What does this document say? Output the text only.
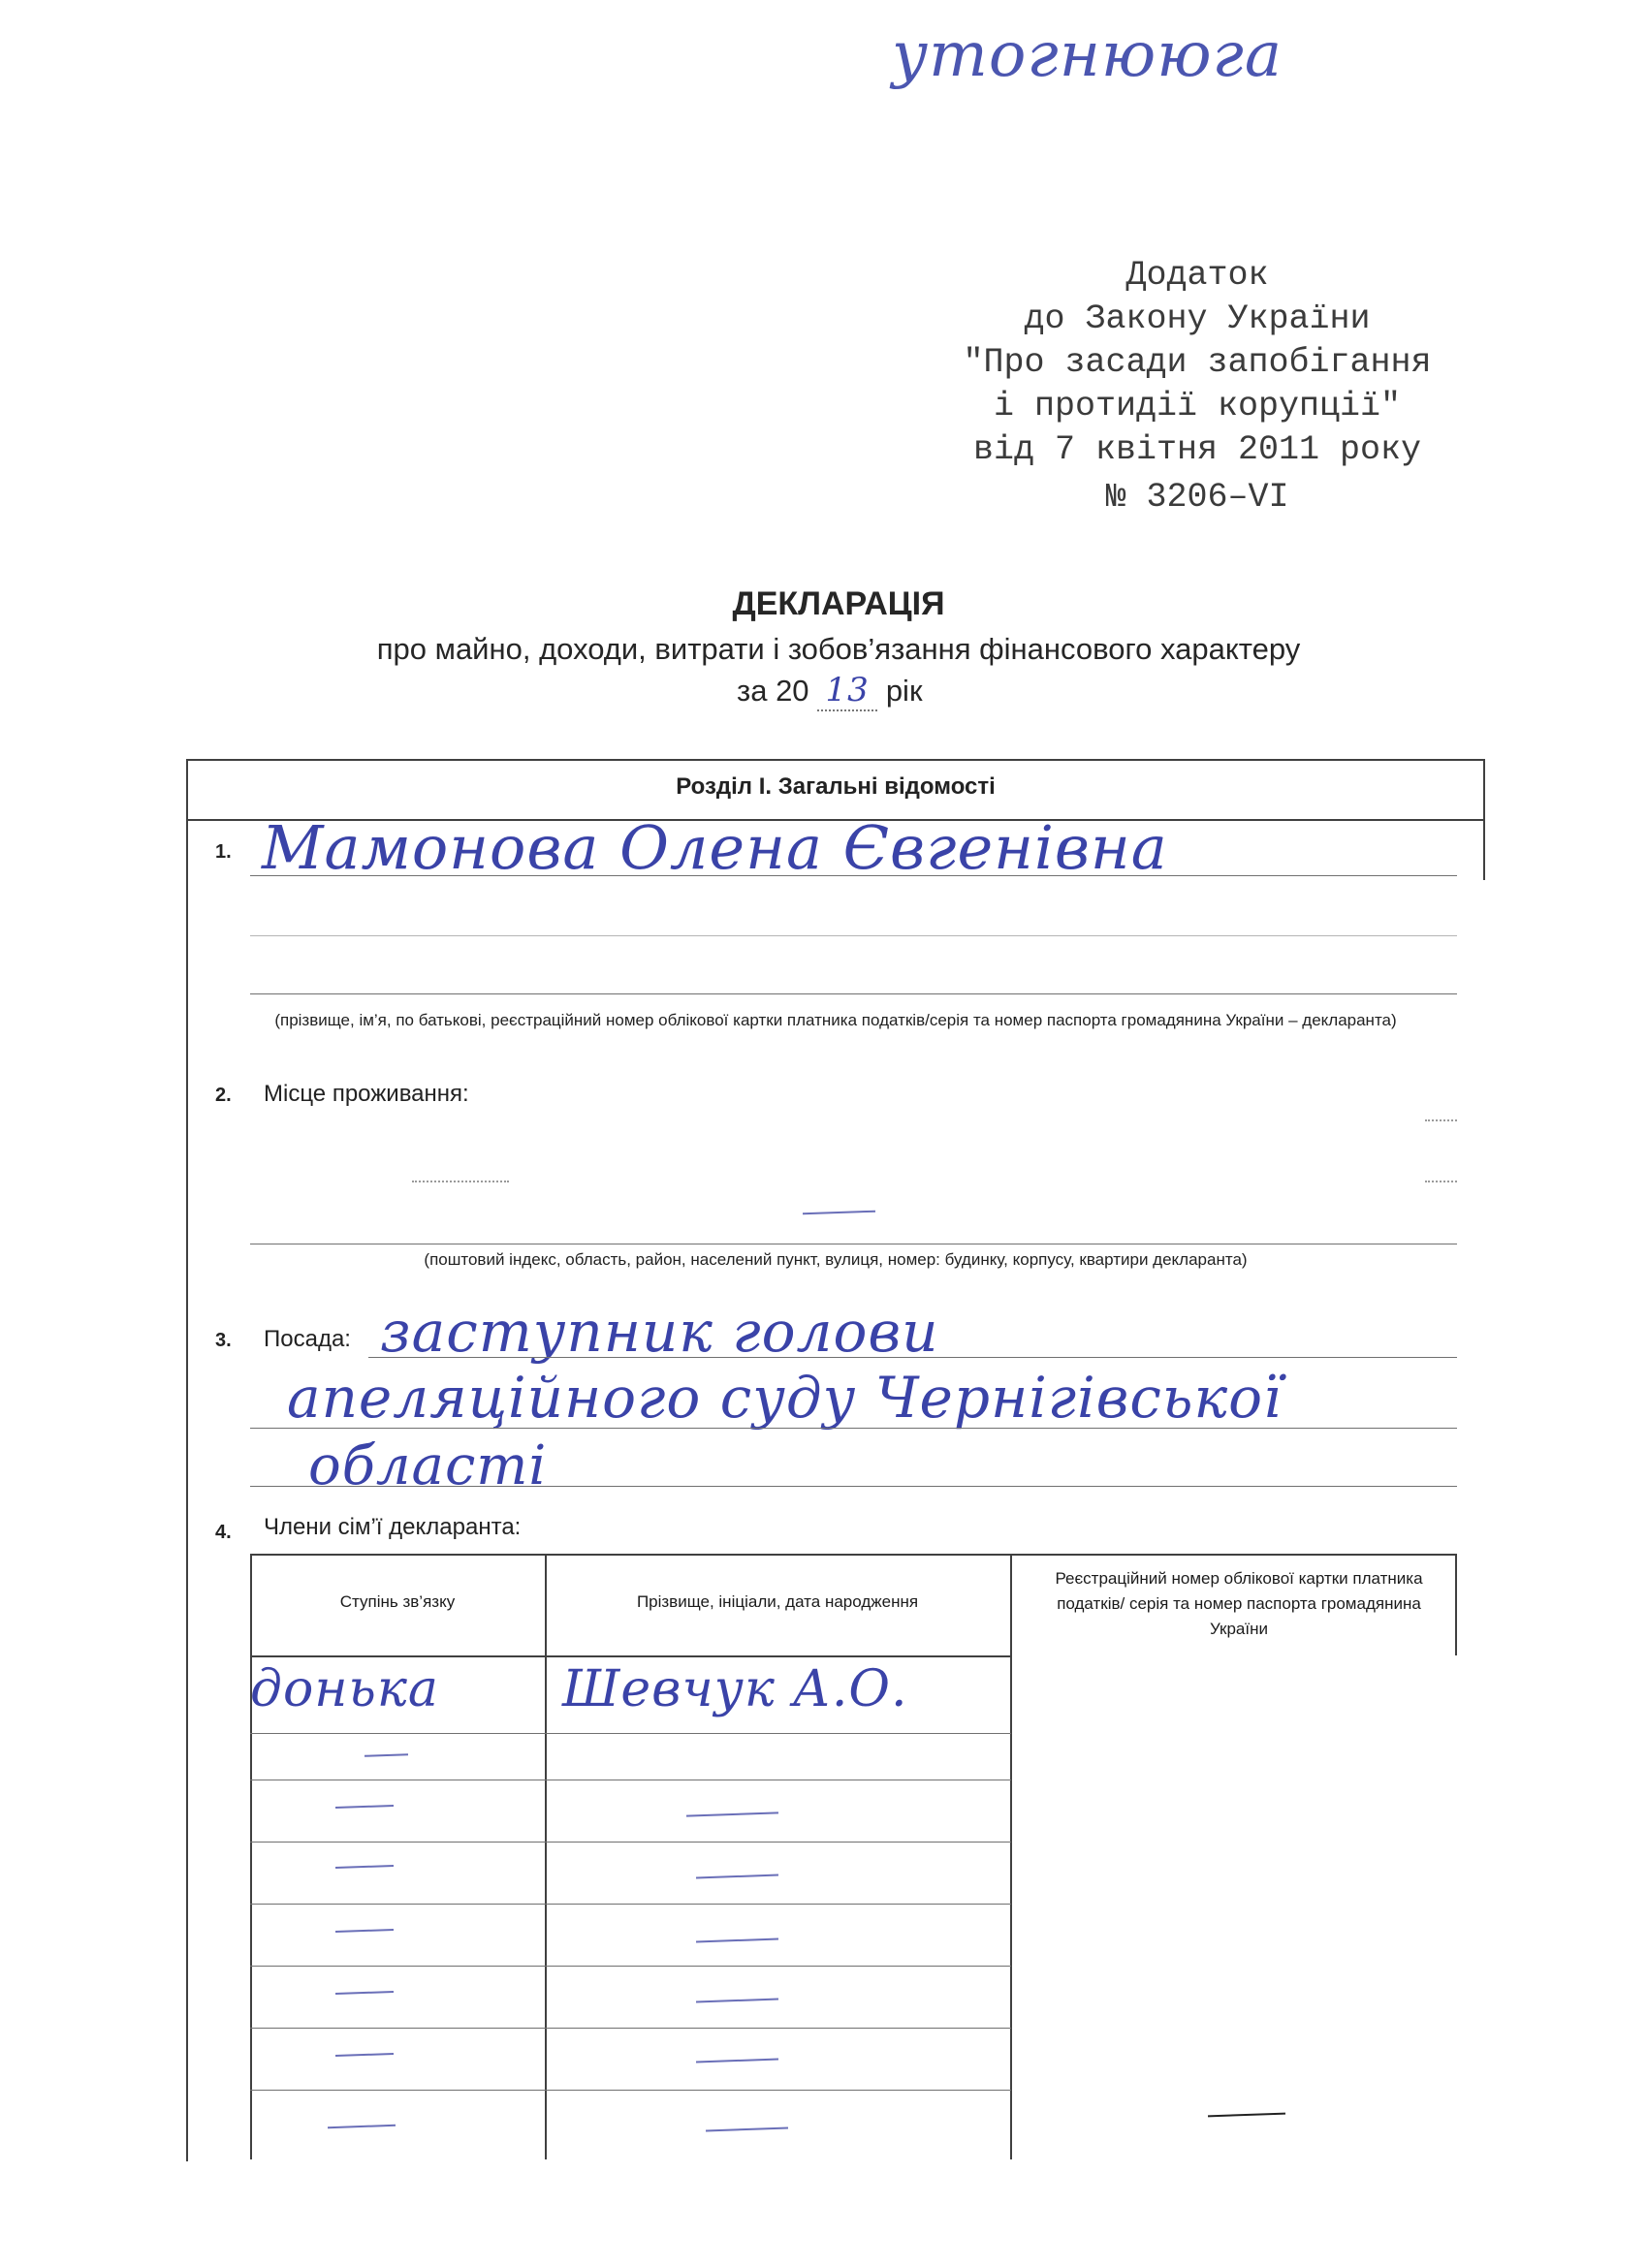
утогнююга
Додаток
до Закону України
"Про засади запобігання
і протидії корупції"
від 7 квітня 2011 року
№ 3206–VI
ДЕКЛАРАЦІЯ
про майно, доходи, витрати і зобов’язання фінансового характеру
за 20 13 рік
Розділ I. Загальні відомості
1. Мамонова Олена Євгенівна
(прізвище, ім’я, по батькові, реєстраційний номер облікової картки платника податків/серія та номер паспорта громадянина України – декларанта)
2. Місце проживання:
(поштовий індекс, область, район, населений пункт, вулиця, номер: будинку, корпусу, квартири декларанта)
3. Посада: заступник голови
апеляційного суду Чернігівської
області
4. Члени сім’ї декларанта:
Ступінь зв’язку	Прізвище, ініціали, дата народження
Реєстраційний номер облікової картки платника податків/ серія та номер паспорта громадянина України
донька Шевчук А.О.
